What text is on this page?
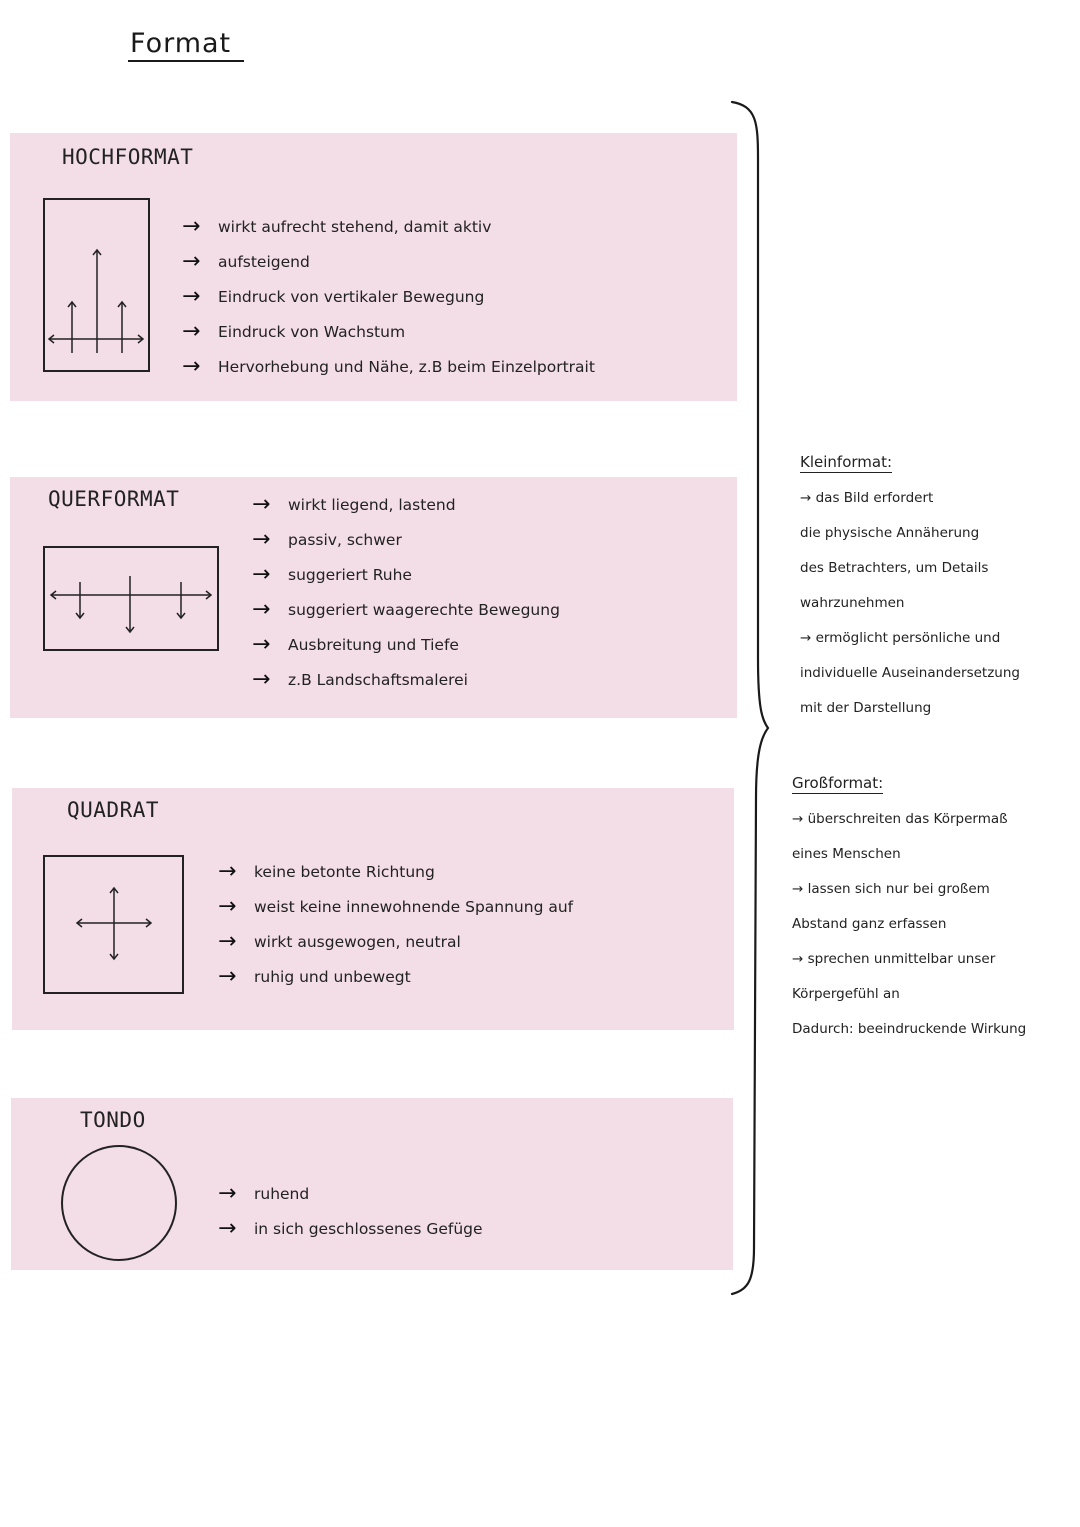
Format
HOCHFORMAT
→	wirkt aufrecht stehend, damit aktiv
→	aufsteigend
→	Eindruck von vertikaler Bewegung
→	Eindruck von Wachstum
→	Hervorhebung und Nähe, z.B beim Einzelportrait
QUERFORMAT	→	wirkt liegend, lastend
→	passiv, schwer
→	suggeriert Ruhe
→	suggeriert waagerechte Bewegung
→	Ausbreitung und Tiefe
→	z.B Landschaftsmalerei
QUADRAT
→	keine betonte Richtung
→	weist keine innewohnende Spannung auf
→	wirkt ausgewogen, neutral
→	ruhig und unbewegt
TONDO
→	ruhend
→	in sich geschlossenes Gefüge
Kleinformat:
→ das Bild erfordert
die physische Annäherung
des Betrachters, um Details
wahrzunehmen
→ ermöglicht persönliche und
individuelle Auseinandersetzung
mit der Darstellung
Großformat:
→ überschreiten das Körpermaß
eines Menschen
→ lassen sich nur bei großem
Abstand ganz erfassen
→ sprechen unmittelbar unser
Körpergefühl an
Dadurch: beeindruckende Wirkung
